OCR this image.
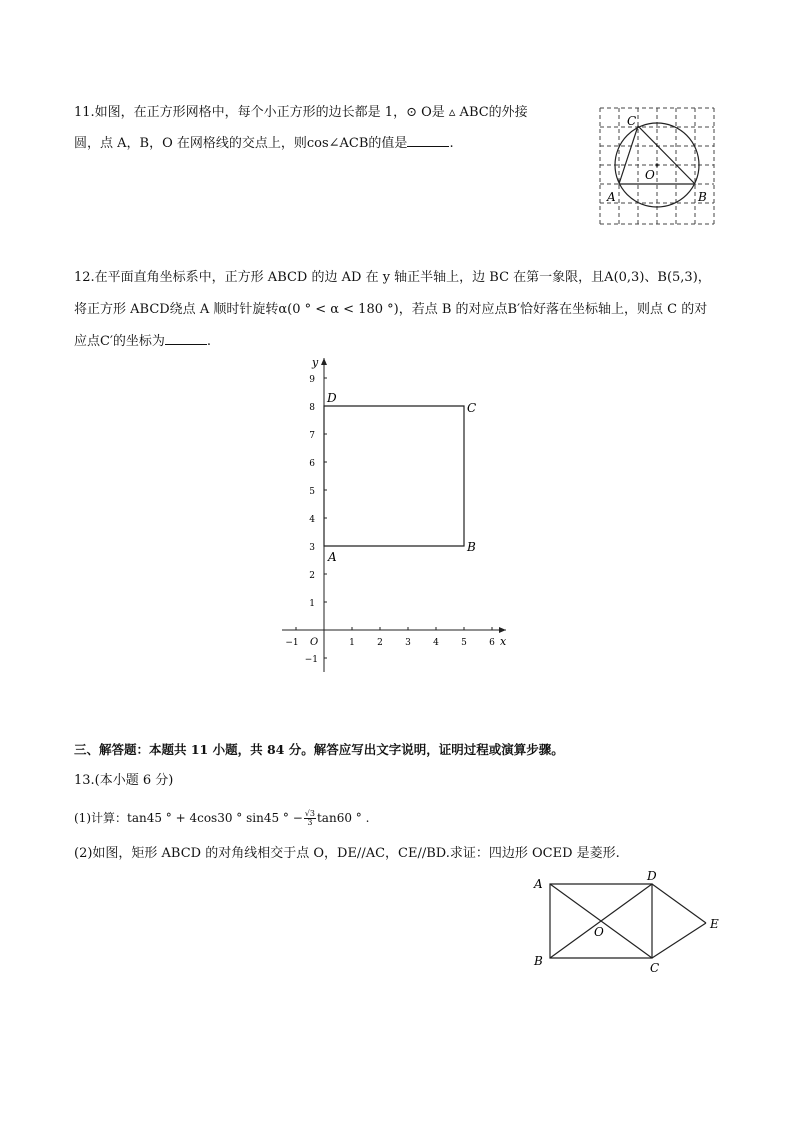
11.如图，在正方形网格中，每个小正方形的边长都是 1，⊙ O是 ▵ ABC的外接
圆，点 A，B，O 在网格线的交点上，则cos∠ACB的值是	.
C
O
A	B
12.在平面直角坐标系中，正方形 ABCD 的边 AD 在 y 轴正半轴上，边 BC 在第一象限，且A(0,3)、B(5,3)，
将正方形 ABCD绕点 A 顺时针旋转α(0 ° < α < 180 °)，若点 B 的对应点B′恰好落在坐标轴上，则点 C 的对
应点C′的坐标为	.
y
x
O
9
8
7
6
5
4
3
2
1
−1
−1	1 2 3 4 5 6
D
C
A
B
三、解答题：本题共 11 小题，共 84 分。解答应写出文字说明，证明过程或演算步骤。
13.(本小题 6 分)
(1)计算：tan45 ° + 4cos30 ° sin45 ° − $\frac{√3}{3} \tan 60$ ° .
(2)如图，矩形 ABCD 的对角线相交于点 O，DE//AC，CE//BD.求证：四边形 OCED 是菱形.
A
D
O
E
B	C
